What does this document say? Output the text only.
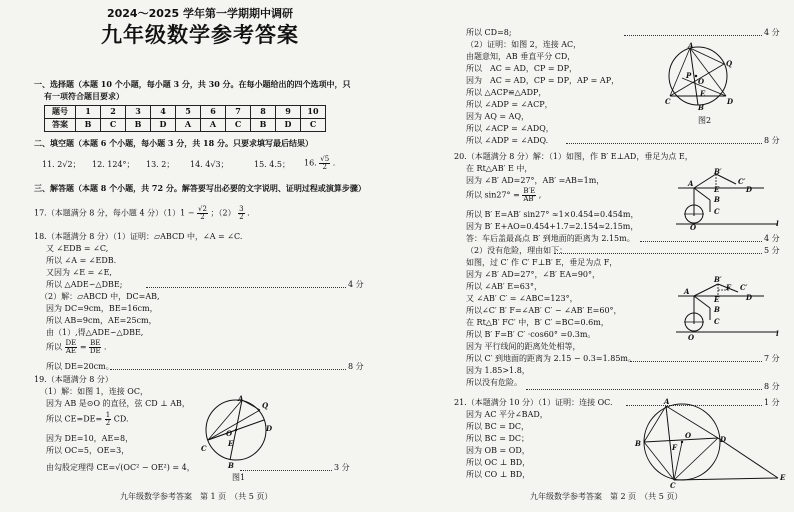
2024～2025 学年第一学期期中调研
九年级数学参考答案
一、选择题（本题 10 个小题，每小题 3 分，共 30 分。在每小题给出的四个选项中，只
有一项符合题目要求）
题号	1	2	3	4	5	6	7	8	9	10
答案	B	C	B	D	A	A	C	B	D	C
二、填空题（本题 6 个小题，每小题 3 分，共 18 分。只要求填写最后结果）
11. 2√2； 12. 124°； 13. 2； 14. 4√3；	15. 4.5； 16. $\frac{√5}{2}$ .
三、解答题（本题 8 个小题，共 72 分。解答要写出必要的文字说明、证明过程或演算步骤）
17.（本题满分 8 分，每小题 4 分）$(1)1 - \frac{√2}{2}$ ；$(2) \frac{3}{2}$ .
18.（本题满分 8 分）（1）证明：▱ABCD 中，∠A = ∠C.
又 ∠EDB = ∠C,
所以 ∠A = ∠EDB.
又因为 ∠E = ∠E,
所以 △ADE∽△DBE;	4 分
（2）解：▱ABCD 中，DC=AB,
因为 DC=9cm，BE=16cm，
所以 AB=9cm，AE=25cm，
由（1）,得△ADE∽△DBE,
所以 $\frac{DE}{AE} = \frac{BE}{DE}$ .
所以 DE=20cm。	8 分
19.（本题满分 8 分）
（1）解：如图 1，连接 OC，
因为 AB 是⊙O 的直径，弦 CD ⊥ AB，
所以 $CE=DE= \frac{1}{2}$ CD.
因为 DE=10，AE=8，
所以 OC=5，OE=3，
由勾股定理得 CE=√(OC² − OE²) = 4，	3 分
A
Q
O
E
C
D
B
图1
九年级数学参考答案　第 1 页　（共 5 页）
所以 CD=8;	4 分
（2）证明：如图 2，连接 AC，
由题意知，AB 垂直平分 CD，
所以　AC = AD，CP = DP，
因为　AC = AD，CP = DP，AP = AP，
所以 △ACP≌△ADP，
所以 ∠ADP = ∠ACP，
因为 AQ = AQ，
所以 ∠ACP = ∠ADQ，
所以 ∠ADP = ∠ADQ.	8 分
A
Q
P
O
E
C	D
B
图2
20.（本题满分 8 分）解：（1）如图，作 B′ E⊥AD，垂足为点 E，
在 Rt△AB′ E 中，
因为 ∠B′ AD=27°，AB′ =AB=1m，
所以 $\sin 27^\circ = \frac{B'E}{AB'}$ ,
所以 B′ E=AB′ sin27° ≈1×0.454=0.454m，
因为 B′ E+AO=0.454+1.7=2.154≈2.15m，
答：车后盖最高点 B′ 到地面的距离为 2.15m。	4 分
（2）没有危险，理由如下：	5 分
如图，过 C′ 作 C′ F⊥B′ E，垂足为点 F，
因为 ∠B′ AD=27°，∠B′ EA=90°，
所以 ∠AB′ E=63°，
又 ∠AB′ C′ = ∠ABC=123°，
所以∠C′ B′ F=∠AB′ C′ − ∠AB′ E=60°，
在 Rt△B′ FC′ 中，B′ C′ =BC=0.6m，
所以 B′ F=B′ C′ ·cos60° =0.3m。
因为 平行线间的距离处处相等，
所以 C′ 到地面的距离为 2.15 − 0.3=1.85m。	7 分
因为 1.85>1.8，
所以没有危险。	8 分
A
B′
C′
E	D
B
C
O	l
A
B′
F C′
E	D
B
C
O	l
21.（本题满分 10 分）（1）证明：连接 OC.	1 分
因为 AC 平分∠BAD，
所以 BC = DC，
所以 BC = DC；
因为 OB = OD，
所以 OC ⊥ BD，
所以 CO ⊥ BD，
A
B
O
F
D
C
E
九年级数学参考答案　第 2 页　（共 5 页）
